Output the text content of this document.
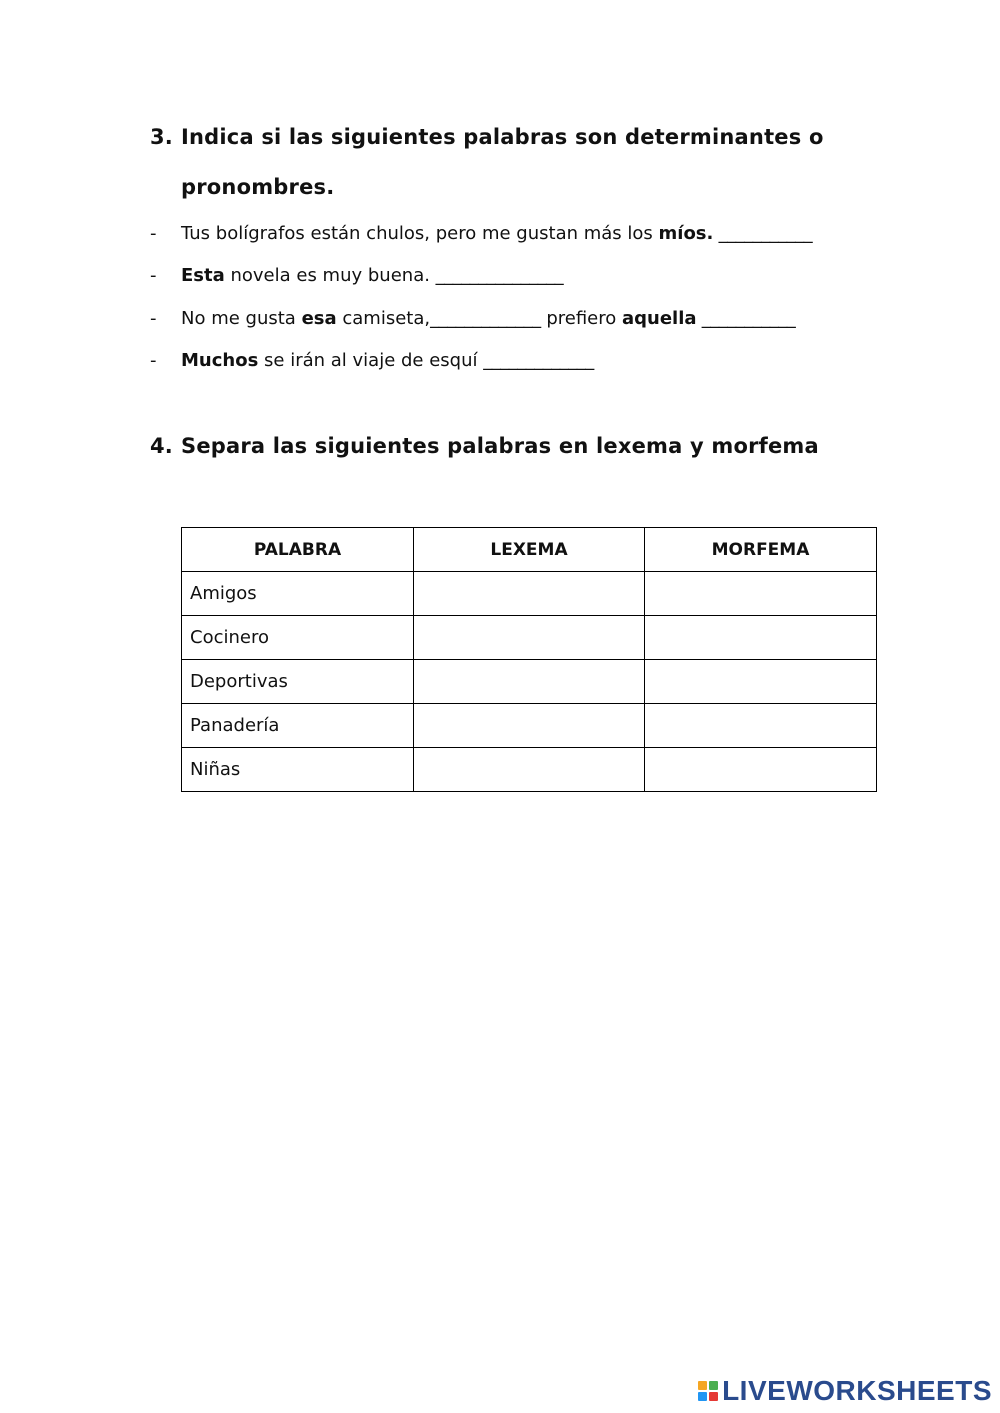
3. Indica si las siguientes palabras son determinantes o
pronombres.
- Tus bolígrafos están chulos, pero me gustan más los míos. ___________
- Esta novela es muy buena. _______________
- No me gusta esa camiseta,_____________ prefiero aquella ___________
- Muchos se irán al viaje de esquí _____________
4. Separa las siguientes palabras en lexema y morfema
PALABRA	LEXEMA	MORFEMA
Amigos		
Cocinero		
Deportivas		
Panadería		
Niñas		
LIVEWORKSHEETS
